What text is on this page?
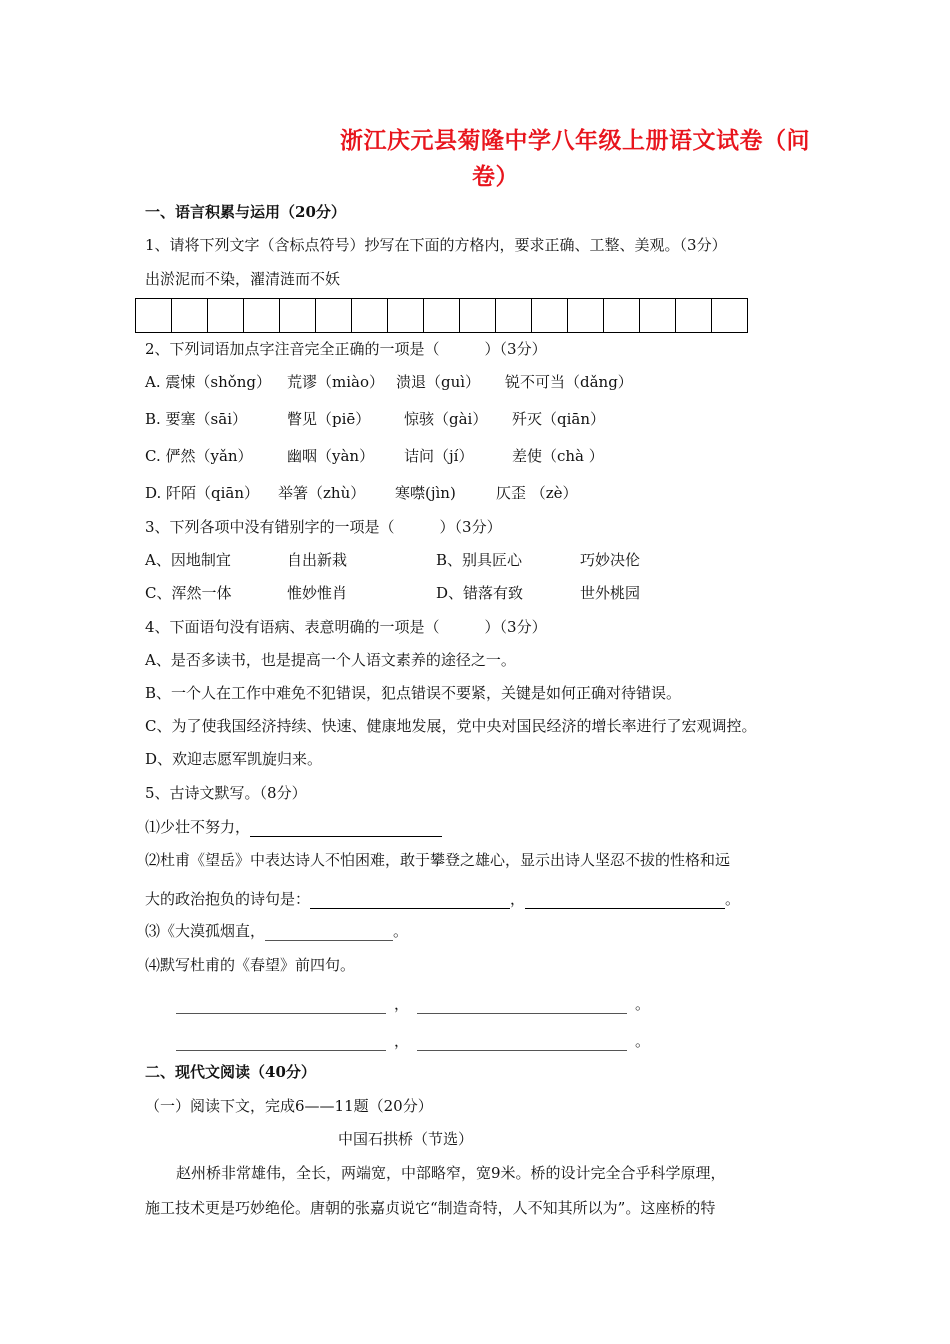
浙江庆元县菊隆中学八年级上册语文试卷（问
卷）
一、语言积累与运用（20分）
1、请将下列文字（含标点符号）抄写在下面的方格内，要求正确、工整、美观。（3分）
出淤泥而不染，濯清涟而不妖
2、下列词语加点字注音完全正确的一项是（　　　）（3分）
A. 震悚（shǒng） 荒谬（miào） 溃退（guì） 锐不可当（dǎng）
B. 要塞（sāi）	瞥见（piē） 惊骇（gài） 歼灭（qiān）
C. 俨然（yǎn） 幽咽（yàn） 诘问（jí）	差使（chà ）
D. 阡陌（qiān） 举箸（zhù） 寒噤(jìn)	仄歪 （zè）
3、下列各项中没有错别字的一项是（　　　）（3分）
A、因地制宜	自出新栽	B、别具匠心	巧妙决伦
C、浑然一体	惟妙惟肖	D、错落有致	世外桃园
4、下面语句没有语病、表意明确的一项是（　　　）（3分）
A、是否多读书，也是提高一个人语文素养的途径之一。
B、一个人在工作中难免不犯错误，犯点错误不要紧，关键是如何正确对待错误。
C、为了使我国经济持续、快速、健康地发展，党中央对国民经济的增长率进行了宏观调控。
D、欢迎志愿军凯旋归来。
5、古诗文默写。（8分）
⑴少壮不努力，
⑵杜甫《望岳》中表达诗人不怕困难，敢于攀登之雄心，显示出诗人坚忍不拔的性格和远
大的政治抱负的诗句是：	，	。
⑶《大漠孤烟直，	。
⑷默写杜甫的《春望》前四句。
，	。
，	。
二、现代文阅读（40分）
（一）阅读下文，完成6——11题（20分）
中国石拱桥（节选）
赵州桥非常雄伟，全长，两端宽，中部略窄，宽9米。桥的设计完全合乎科学原理，
施工技术更是巧妙绝伦。唐朝的张嘉贞说它“制造奇特，人不知其所以为”。这座桥的特
